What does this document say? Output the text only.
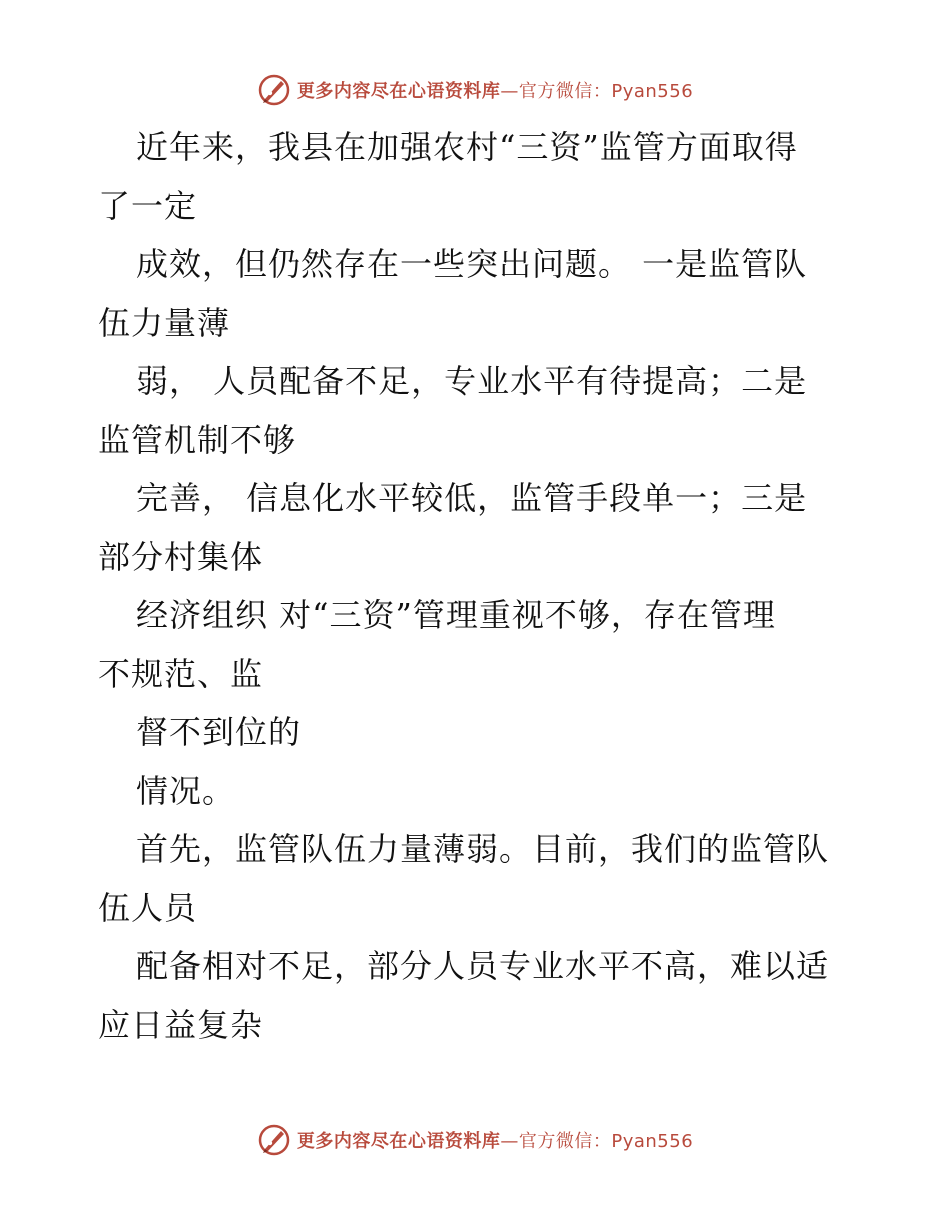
更多内容尽在心语资料库—官方微信：Pyan556
近年来，我县在加强农村“三资”监管方面取得
了一定
成效，但仍然存在一些突出问题。 一是监管队
伍力量薄
弱， 人员配备不足，专业水平有待提高；二是
监管机制不够
完善， 信息化水平较低，监管手段单一；三是
部分村集体
经济组织 对“三资”管理重视不够，存在管理
不规范、监
督不到位的
情况。
首先，监管队伍力量薄弱。目前，我们的监管队
伍人员
配备相对不足，部分人员专业水平不高，难以适
应日益复杂
更多内容尽在心语资料库—官方微信：Pyan556
